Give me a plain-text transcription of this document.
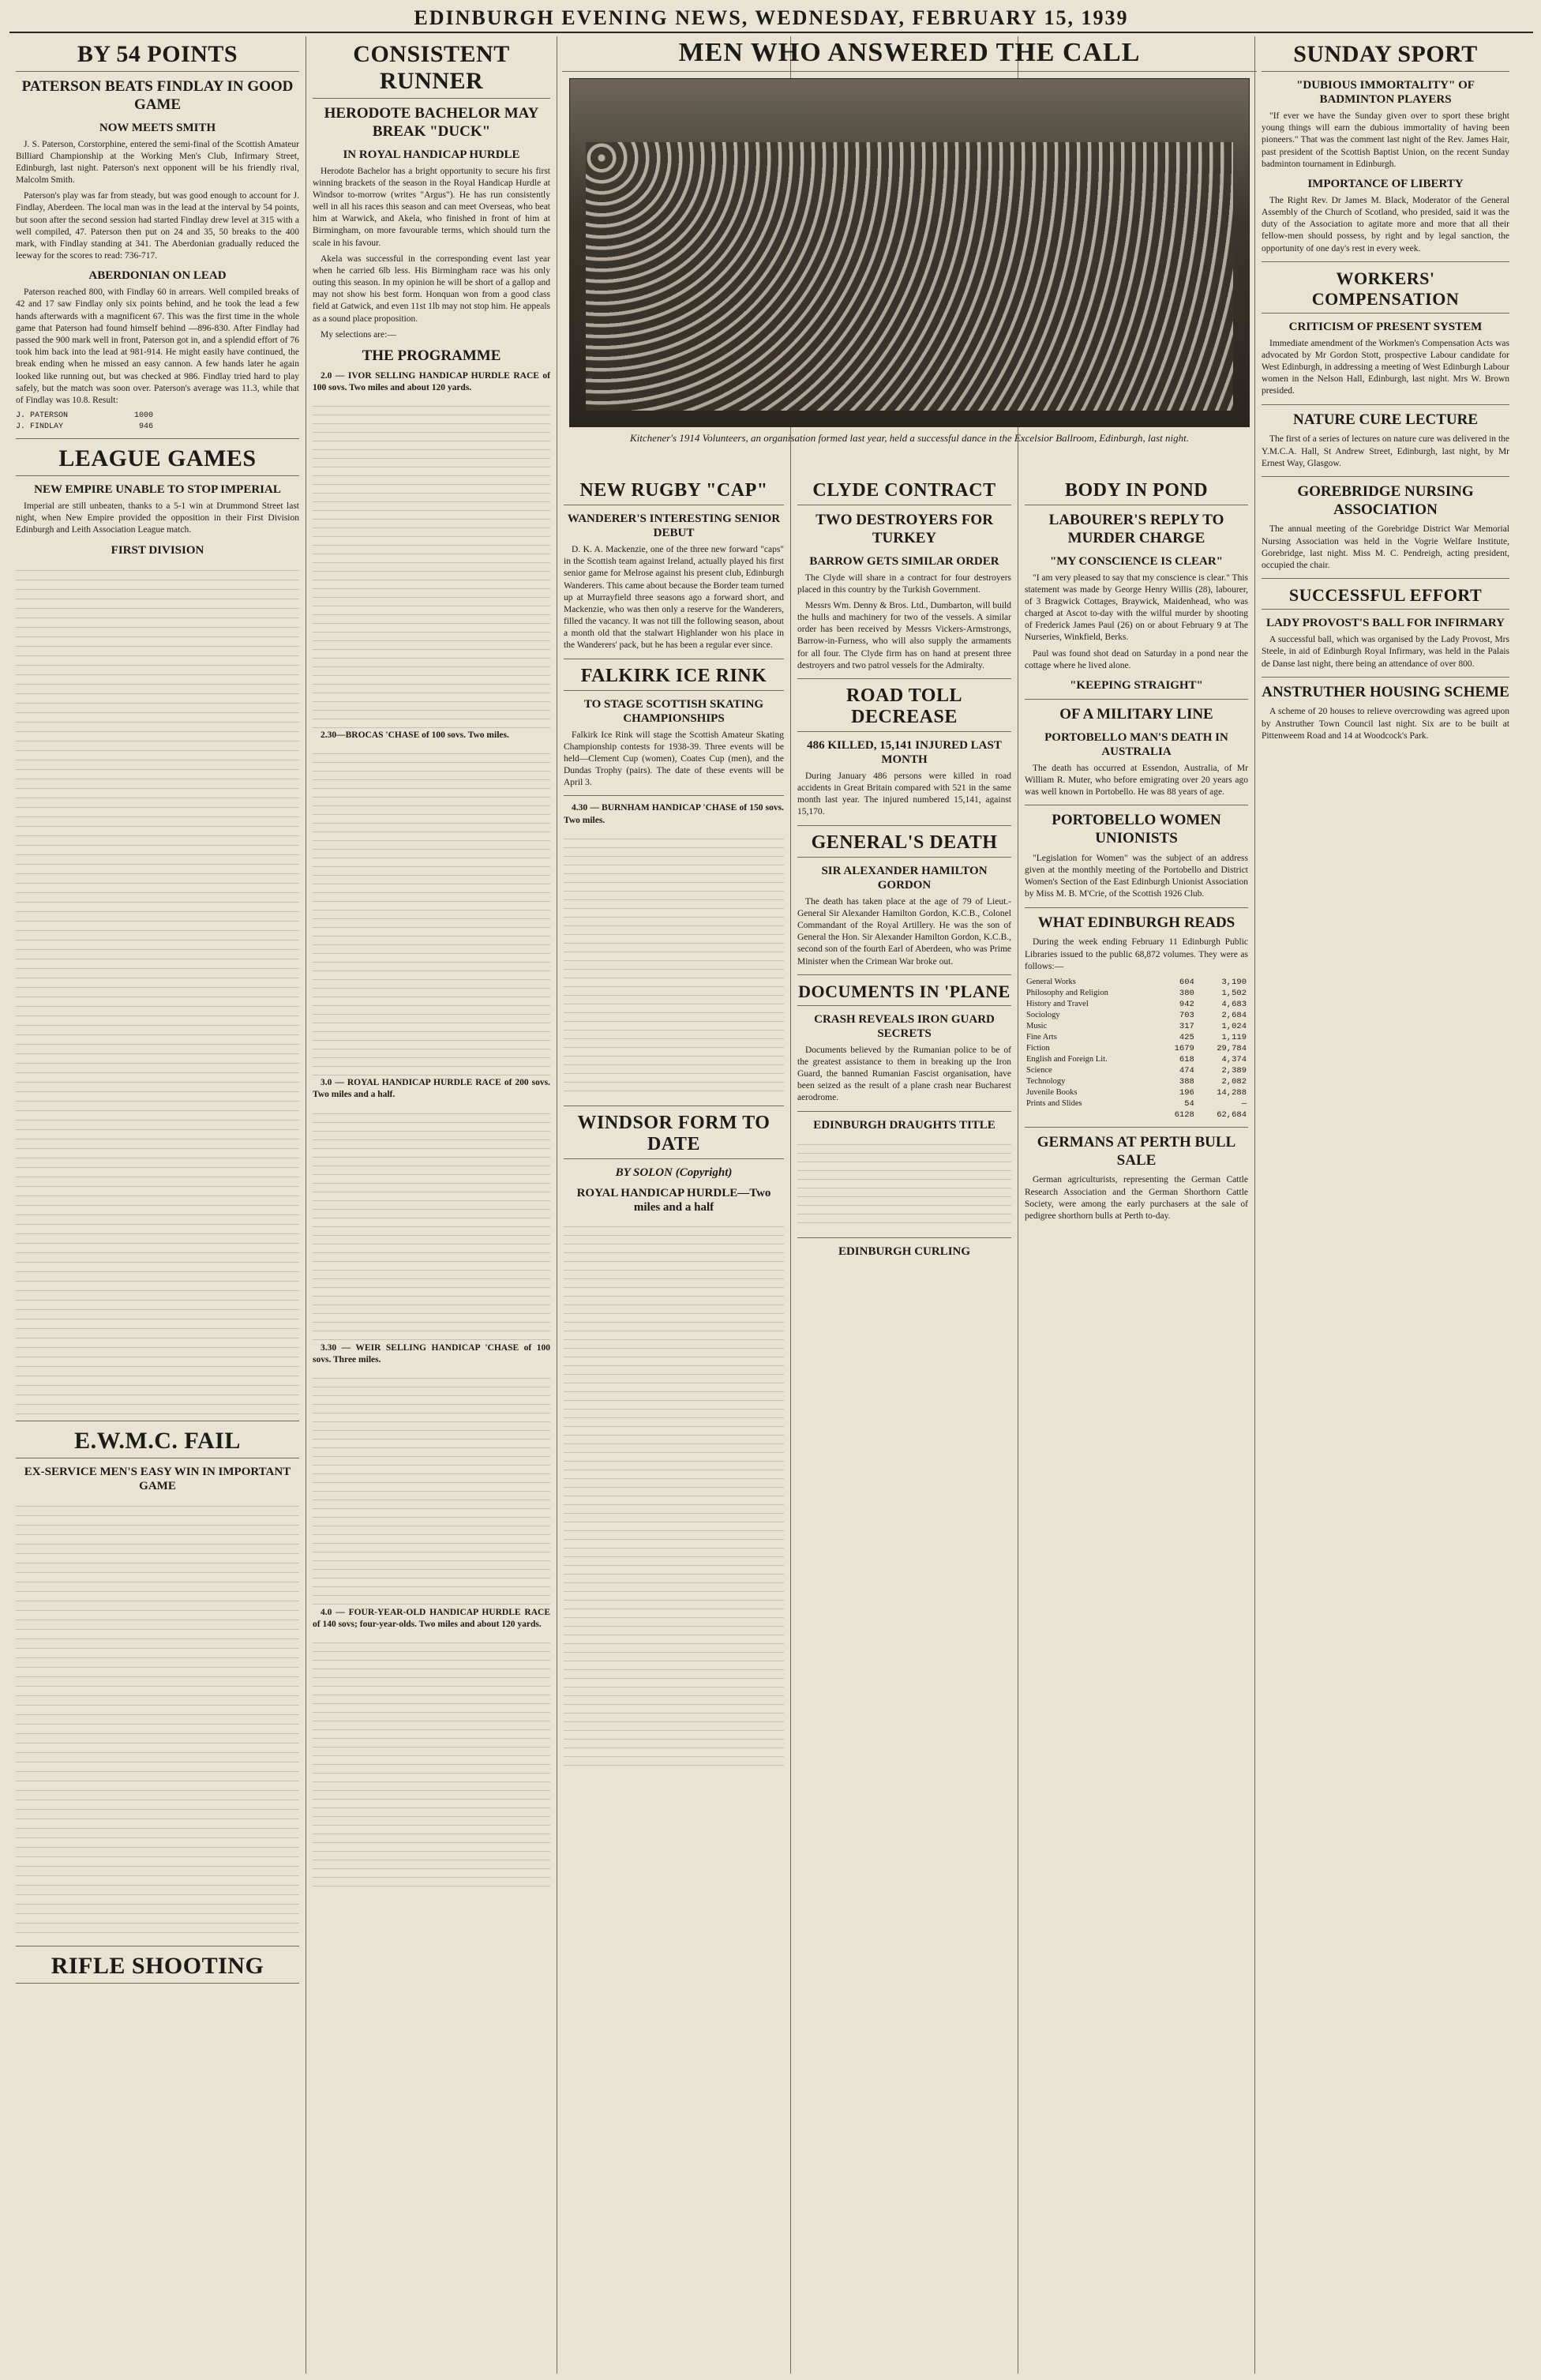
EDINBURGH EVENING NEWS, WEDNESDAY, FEBRUARY 15, 1939
BY 54 POINTS
PATERSON BEATS FINDLAY IN GOOD GAME
NOW MEETS SMITH

J. S. Paterson, Corstorphine, entered the semi-final of the Scottish Amateur Billiard Championship at the Working Men's Club, Infirmary Street, Edinburgh, last night. Paterson's next opponent will be his friendly rival, Malcolm Smith.

Paterson's play was far from steady, but was good enough to account for J. Findlay, Aberdeen. The local man was in the lead at the interval by 54 points, but soon after the second session had started Findlay drew level at 315 with a well compiled, 47. Paterson then put on 24 and 35, 50 breaks to the 400 mark, with Findlay standing at 341. The Aberdonian gradually reduced the leeway for the scores to read: 736-717.

ABERDONIAN ON LEAD

Paterson reached 800, with Findlay 60 in arrears. Well compiled breaks of 42 and 17 saw Findlay only six points behind, and he took the lead a few hands afterwards with a magnificent 67. This was the first time in the whole game that Paterson had found himself behind —896-830. After Findlay had passed the 900 mark well in front, Paterson got in, and a splendid effort of 76 took him back into the lead at 981-914. He might easily have continued, the break ending when he missed an easy cannon. A few hands later he again looked like running out, but was checked at 986. Findlay tried hard to play safely, but the match was soon over. Paterson's average was 11.3, while that of Findlay was 10.8. Result:

J. PATERSON              1000
J. FINDLAY                946
LEAGUE GAMES
NEW EMPIRE UNABLE TO STOP IMPERIAL

Imperial are still unbeaten, thanks to a 5-1 win at Drummond Street last night, when New Empire provided the opposition in their First Division Edinburgh and Leith Association League match.

FIRST DIVISION
E.W.M.C. FAIL
EX-SERVICE MEN'S EASY WIN IN IMPORTANT GAME
RIFLE SHOOTING
CONSISTENT RUNNER
HERODOTE BACHELOR MAY BREAK "DUCK"
IN ROYAL HANDICAP HURDLE

Herodote Bachelor has a bright opportunity to secure his first winning brackets of the season in the Royal Handicap Hurdle at Windsor to-morrow (writes "Argus"). He has run consistently well in all his races this season and can meet Overseas, who beat him at Warwick, and Akela, who finished in front of him at Birmingham, on more favourable terms, which should turn the scale in his favour.

Akela was successful in the corresponding event last year when he carried 6lb less. His Birmingham race was his only outing this season. In my opinion he will be short of a gallop and may not show his best form. Honquan won from a good class field at Gatwick, and even 11st 1lb may not stop him. He appeals as a sound place proposition.

My selections are:—

THE PROGRAMME

2.0 — IVOR SELLING HANDICAP HURDLE RACE of 100 sovs. Two miles and about 120 yards.

2.30—BROCAS 'CHASE of 100 sovs. Two miles.

3.0 — ROYAL HANDICAP HURDLE RACE of 200 sovs. Two miles and a half.

3.30 — WEIR SELLING HANDICAP 'CHASE of 100 sovs. Three miles.

4.0 — FOUR-YEAR-OLD HANDICAP HURDLE RACE of 140 sovs; four-year-olds. Two miles and about 120 yards.

NEW RUGBY "CAP"
WANDERER'S INTERESTING SENIOR DEBUT

D. K. A. Mackenzie, one of the three new forward "caps" in the Scottish team against Ireland, actually played his first senior game for Melrose against his present club, Edinburgh Wanderers. This came about because the Border team turned up at Murrayfield three seasons ago a forward short, and Mackenzie, who was then only a reserve for the Wanderers, filled the vacancy. It was not till the following season, about a month old that the stalwart Highlander won his place in the Wanderers' pack, but he has been a regular ever since.

FALKIRK ICE RINK
TO STAGE SCOTTISH SKATING CHAMPIONSHIPS

Falkirk Ice Rink will stage the Scottish Amateur Skating Championship contests for 1938-39. Three events will be held—Clement Cup (women), Coates Cup (men), and the Dundas Trophy (pairs). The date of these events will be April 3.

4.30 — BURNHAM HANDICAP 'CHASE of 150 sovs. Two miles.

WINDSOR FORM TO DATE
BY SOLON (Copyright)
ROYAL HANDICAP HURDLE—Two miles and a half
CLYDE CONTRACT
TWO DESTROYERS FOR TURKEY
BARROW GETS SIMILAR ORDER

The Clyde will share in a contract for four destroyers placed in this country by the Turkish Government.

Messrs Wm. Denny & Bros. Ltd., Dumbarton, will build the hulls and machinery for two of the vessels. A similar order has been received by Messrs Vickers-Armstrongs, Barrow-in-Furness, who will also supply the armaments for all four. The Clyde firm has on hand at present three destroyers and two patrol vessels for the Admiralty.

ROAD TOLL DECREASE
486 KILLED, 15,141 INJURED LAST MONTH

During January 486 persons were killed in road accidents in Great Britain compared with 521 in the same month last year. The injured numbered 15,141, against 15,170.

GENERAL'S DEATH
SIR ALEXANDER HAMILTON GORDON

The death has taken place at the age of 79 of Lieut.-General Sir Alexander Hamilton Gordon, K.C.B., Colonel Commandant of the Royal Artillery. He was the son of General the Hon. Sir Alexander Hamilton Gordon, K.C.B., second son of the fourth Earl of Aberdeen, who was Prime Minister when the Crimean War broke out.

DOCUMENTS IN 'PLANE
CRASH REVEALS IRON GUARD SECRETS

Documents believed by the Rumanian police to be of the greatest assistance to them in breaking up the Iron Guard, the banned Rumanian Fascist organisation, have been seized as the result of a plane crash near Bucharest aerodrome.

EDINBURGH DRAUGHTS TITLE
EDINBURGH CURLING
BODY IN POND
LABOURER'S REPLY TO MURDER CHARGE
"MY CONSCIENCE IS CLEAR"

"I am very pleased to say that my conscience is clear." This statement was made by George Henry Willis (28), labourer, of 3 Bragwick Cottages, Braywick, Maidenhead, who was charged at Ascot to-day with the wilful murder by shooting of Frederick James Paul (26) on or about February 9 at The Nurseries, Winkfield, Berks.

Paul was found shot dead on Saturday in a pond near the cottage where he lived alone.

"KEEPING STRAIGHT"
OF A MILITARY LINE
PORTOBELLO MAN'S DEATH IN AUSTRALIA

The death has occurred at Essendon, Australia, of Mr William R. Muter, who before emigrating over 20 years ago was well known in Portobello. He was 88 years of age.

PORTOBELLO WOMEN UNIONISTS

"Legislation for Women" was the subject of an address given at the monthly meeting of the Portobello and District Women's Section of the East Edinburgh Unionist Association by Miss M. B. M'Crie, of the Scottish 1926 Club.

WHAT EDINBURGH READS

During the week ending February 11 Edinburgh Public Libraries issued to the public 68,872 volumes. They were as follows:—

General Works	604	3,190
Philosophy and Religion	380	1,502
History and Travel	942	4,683
Sociology	703	2,684
Music	317	1,024
Fine Arts	425	1,119
Fiction	1679	29,784
English and Foreign Lit.	618	4,374
Science	474	2,389
Technology	388	2,082
Juvenile Books	196	14,288
Prints and Slides	54	—
	6128	62,684
GERMANS AT PERTH BULL SALE

German agriculturists, representing the German Cattle Research Association and the German Shorthorn Cattle Society, were among the early purchasers at the sale of pedigree shorthorn bulls at Perth to-day.

SUNDAY SPORT
"DUBIOUS IMMORTALITY" OF BADMINTON PLAYERS

"If ever we have the Sunday given over to sport these bright young things will earn the dubious immortality of having been pioneers." That was the comment last night of the Rev. James Hair, past president of the Scottish Baptist Union, on the recent Sunday badminton tournament in Edinburgh.

IMPORTANCE OF LIBERTY

The Right Rev. Dr James M. Black, Moderator of the General Assembly of the Church of Scotland, who presided, said it was the duty of the Association to agitate more and more that all their fellow-men should possess, by right and by legal sanction, the opportunity of one day's rest in every week.

WORKERS' COMPENSATION
CRITICISM OF PRESENT SYSTEM

Immediate amendment of the Workmen's Compensation Acts was advocated by Mr Gordon Stott, prospective Labour candidate for West Edinburgh, in addressing a meeting of West Edinburgh Labour women in the Nelson Hall, Edinburgh, last night. Mrs W. Brown presided.

NATURE CURE LECTURE

The first of a series of lectures on nature cure was delivered in the Y.M.C.A. Hall, St Andrew Street, Edinburgh, last night, by Mr Ernest Way, Glasgow.

GOREBRIDGE NURSING ASSOCIATION

The annual meeting of the Gorebridge District War Memorial Nursing Association was held in the Vogrie Welfare Institute, Gorebridge, last night. Miss M. C. Pendreigh, acting president, occupied the chair.

SUCCESSFUL EFFORT
LADY PROVOST'S BALL FOR INFIRMARY

A successful ball, which was organised by the Lady Provost, Mrs Steele, in aid of Edinburgh Royal Infirmary, was held in the Palais de Danse last night, there being an attendance of over 800.

ANSTRUTHER HOUSING SCHEME

A scheme of 20 houses to relieve overcrowding was agreed upon by Anstruther Town Council last night. Six are to be built at Pittenweem Road and 14 at Woodcock's Park.

MEN WHO ANSWERED THE CALL
Kitchener's 1914 Volunteers, an organisation formed last year, held a successful dance in the Excelsior Ballroom, Edinburgh, last night.
